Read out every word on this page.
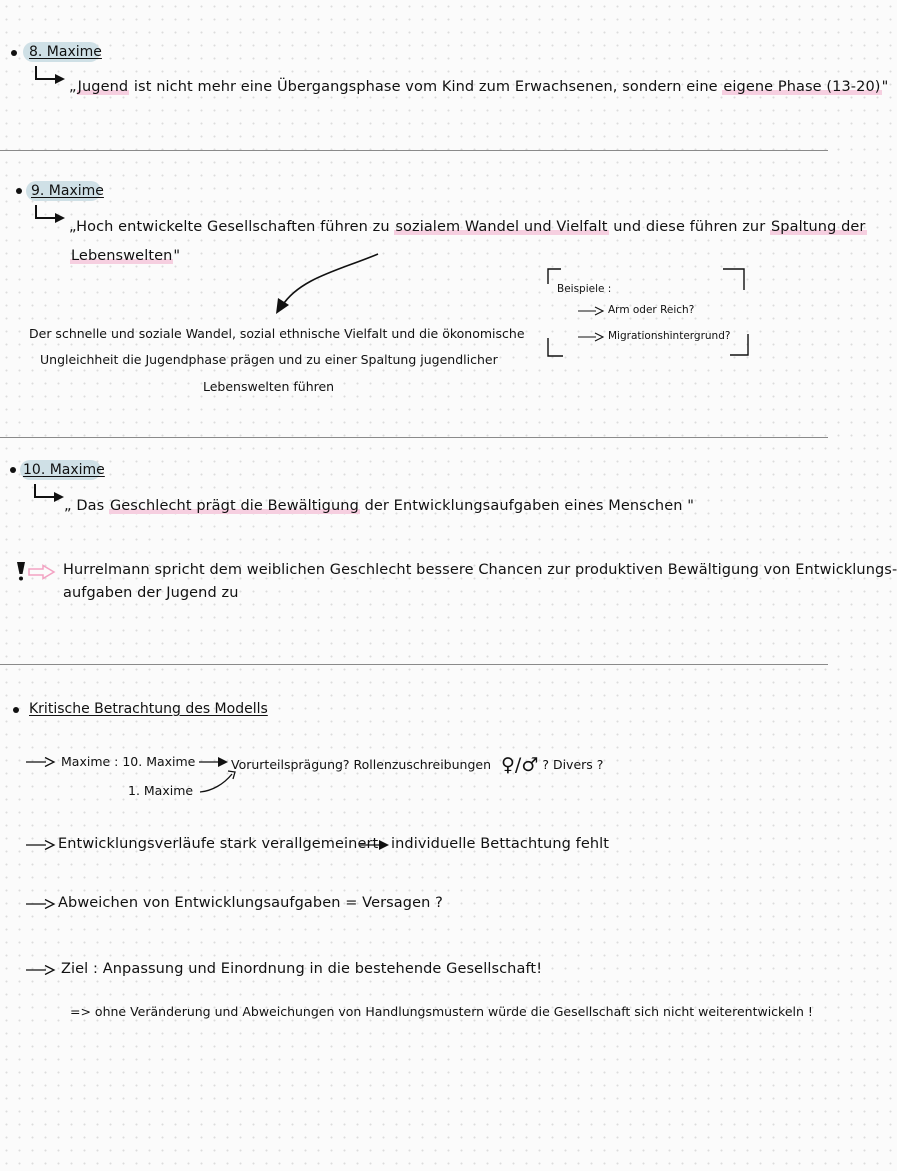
8. Maxime
„Jugend ist nicht mehr eine Übergangsphase vom Kind zum Erwachsenen, sondern eine eigene Phase (13-20)"
9. Maxime
„Hoch entwickelte Gesellschaften führen zu sozialem Wandel und Vielfalt und diese führen zur Spaltung der
Lebenswelten"
Der schnelle und soziale Wandel, sozial ethnische Vielfalt und die ökonomische
Ungleichheit die Jugendphase prägen und zu einer Spaltung jugendlicher
Lebenswelten führen
Beispiele :
Arm oder Reich?
Migrationshintergrund?
10. Maxime
„ Das Geschlecht prägt die Bewältigung der Entwicklungsaufgaben eines Menschen "
Hurrelmann spricht dem weiblichen Geschlecht bessere Chancen zur produktiven Bewältigung von Entwicklungs-
aufgaben der Jugend zu
Kritische Betrachtung des Modells
Maxime : 10. Maxime	Vorurteilsprägung? Rollenzuschreibungen ♀/♂ ? Divers ?
1. Maxime
Entwicklungsverläufe stark verallgemeinert individuelle Bettachtung fehlt
Abweichen von Entwicklungsaufgaben = Versagen ?
Ziel : Anpassung und Einordnung in die bestehende Gesellschaft!
=> ohne Veränderung und Abweichungen von Handlungsmustern würde die Gesellschaft sich nicht weiterentwickeln !
